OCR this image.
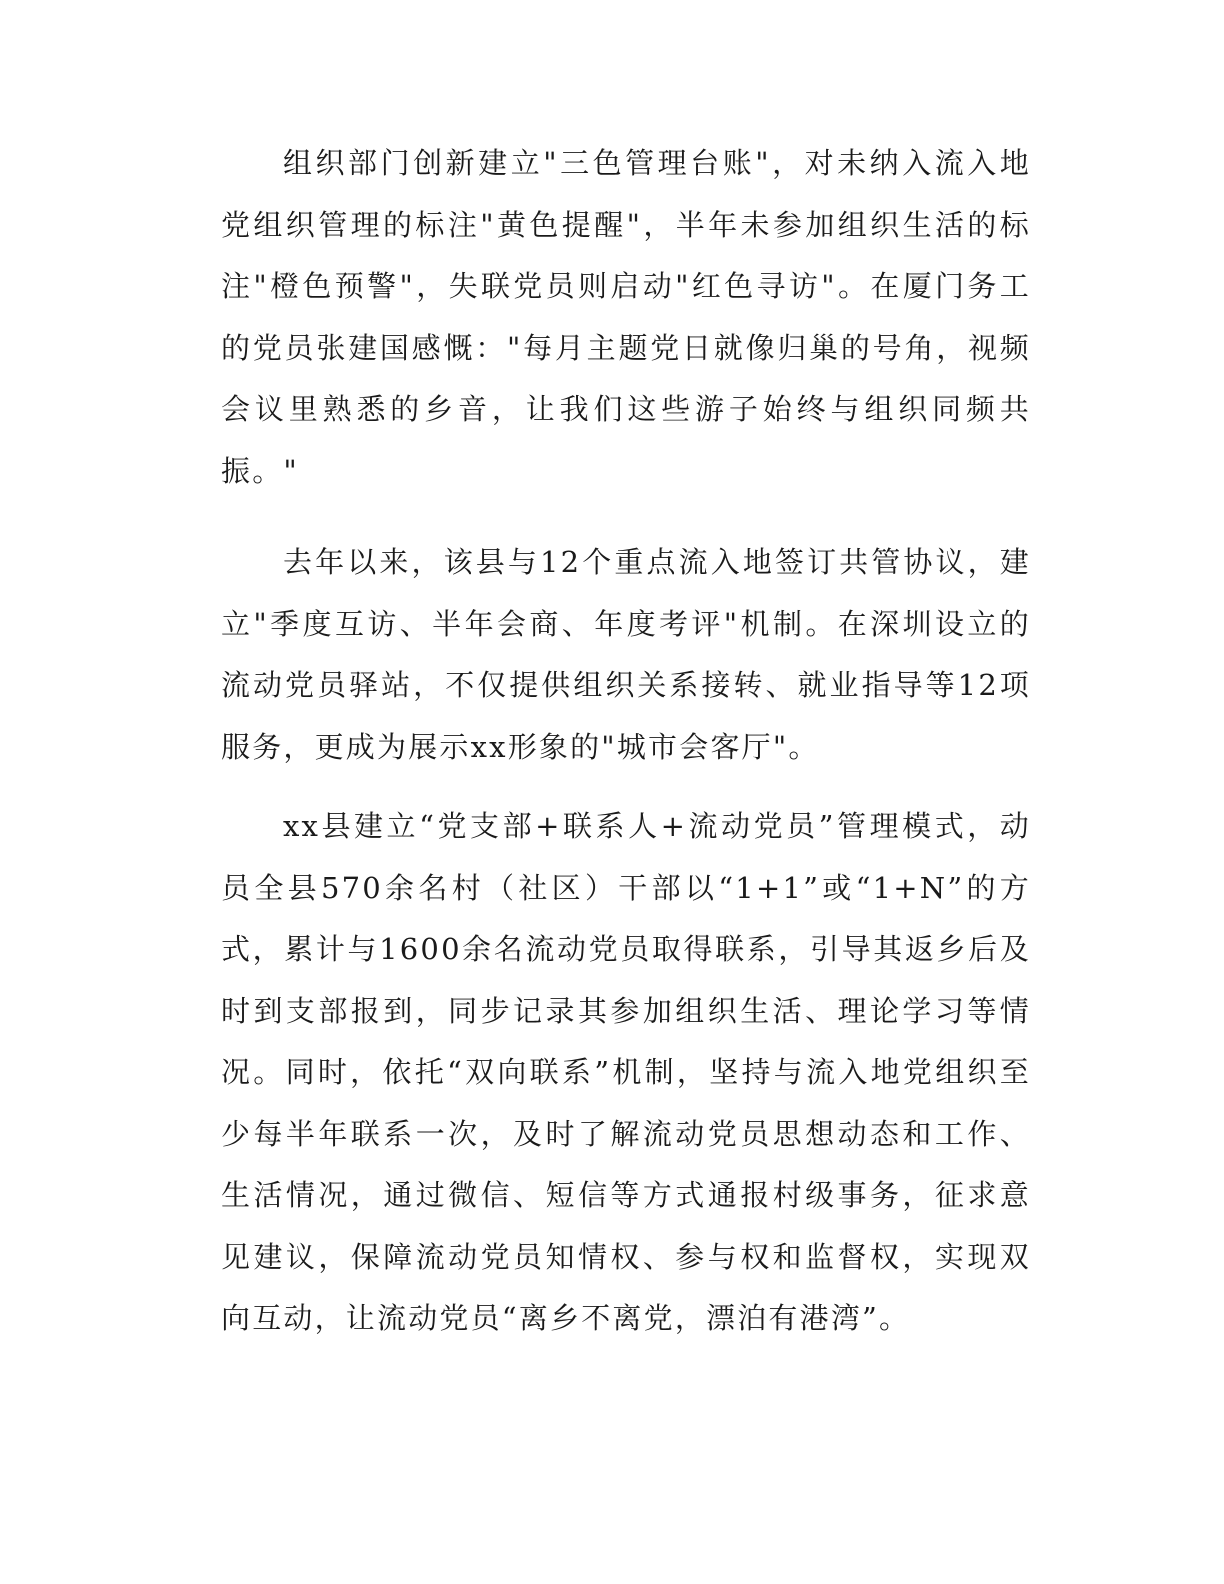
组织部门创新建立"三色管理台账"，对未纳入流入地党组织管理的标注"黄色提醒"，半年未参加组织生活的标注"橙色预警"，失联党员则启动"红色寻访"。在厦门务工的党员张建国感慨："每月主题党日就像归巢的号角，视频会议里熟悉的乡音，让我们这些游子始终与组织同频共振。"

去年以来，该县与12个重点流入地签订共管协议，建立"季度互访、半年会商、年度考评"机制。在深圳设立的流动党员驿站，不仅提供组织关系接转、就业指导等12项服务，更成为展示xx形象的"城市会客厅"。

xx县建立“党支部+联系人+流动党员”管理模式，动员全县570余名村（社区）干部以“1+1”或“1+N”的方式，累计与1600余名流动党员取得联系，引导其返乡后及时到支部报到，同步记录其参加组织生活、理论学习等情况。同时，依托“双向联系”机制，坚持与流入地党组织至少每半年联系一次，及时了解流动党员思想动态和工作、生活情况，通过微信、短信等方式通报村级事务，征求意见建议，保障流动党员知情权、参与权和监督权，实现双向互动，让流动党员“离乡不离党，漂泊有港湾”。
